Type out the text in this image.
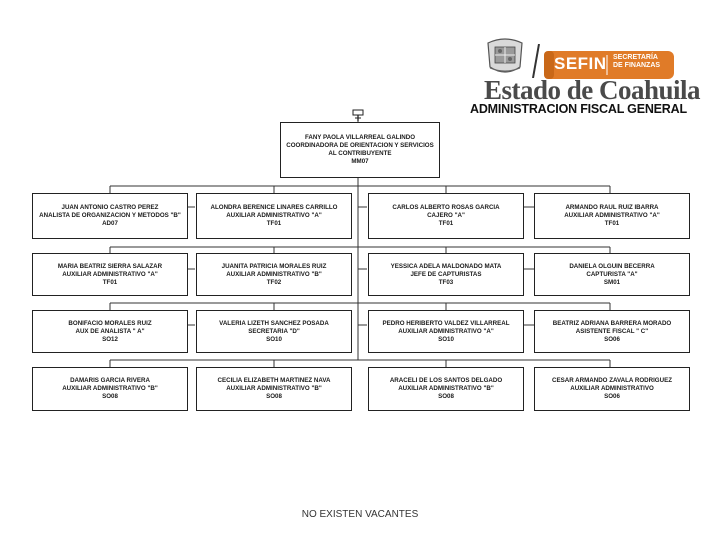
SEFIN SECRETARÍA
DE FINANZAS
Estado de Coahuila
ADMINISTRACION FISCAL GENERAL
FANY PAOLA VILLARREAL GALINDO
COORDINADORA DE ORIENTACION Y SERVICIOS
AL CONTRIBUYENTE
MM07
JUAN ANTONIO CASTRO PEREZ
ANALISTA DE ORGANIZACION Y METODOS "B"
AD07
ALONDRA BERENICE LINARES CARRILLO
AUXILIAR ADMINISTRATIVO "A"
TF01
CARLOS ALBERTO ROSAS GARCIA
CAJERO "A"
TF01
ARMANDO RAUL RUIZ IBARRA
AUXILIAR ADMINISTRATIVO "A"
TF01
MARIA BEATRIZ SIERRA SALAZAR
AUXILIAR ADMINISTRATIVO "A"
TF01
JUANITA PATRICIA MORALES RUIZ
AUXILIAR ADMINISTRATIVO "B"
TF02
YESSICA ADELA MALDONADO MATA
JEFE DE CAPTURISTAS
TF03
DANIELA OLGUIN BECERRA
CAPTURISTA "A"
SM01
BONIFACIO MORALES RUIZ
AUX DE ANALISTA " A"
SO12
VALERIA LIZETH SANCHEZ POSADA
SECRETARIA "D"
SO10
PEDRO HERIBERTO VALDEZ VILLARREAL
AUXILIAR ADMINISTRATIVO "A"
SO10
BEATRIZ ADRIANA BARRERA MORADO
ASISTENTE FISCAL " C"
SO06
DAMARIS GARCIA RIVERA
AUXILIAR ADMINISTRATIVO "B"
SO08
CECILIA ELIZABETH MARTINEZ NAVA
AUXILIAR ADMINISTRATIVO "B"
SO08
ARACELI DE LOS SANTOS DELGADO
AUXILIAR ADMINISTRATIVO "B"
SO08
CESAR ARMANDO ZAVALA RODRIGUEZ
AUXILIAR ADMINISTRATIVO
SO06
NO EXISTEN VACANTES
